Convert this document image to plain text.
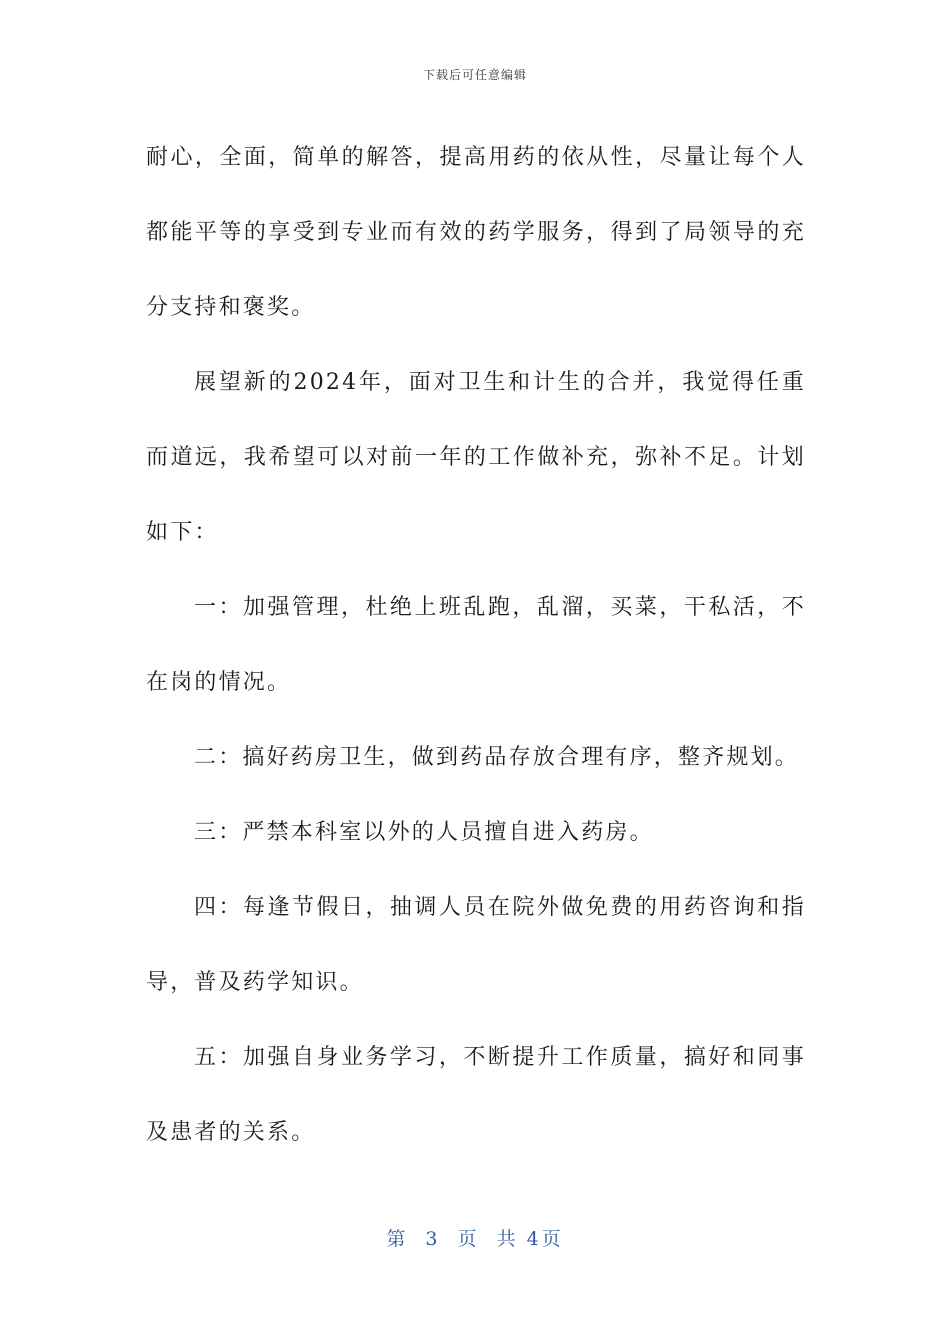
下载后可任意编辑

耐心，全面，简单的解答，提高用药的依从性，尽量让每个人都能平等的享受到专业而有效的药学服务，得到了局领导的充分支持和褒奖。

展望新的2024年，面对卫生和计生的合并，我觉得任重而道远，我希望可以对前一年的工作做补充，弥补不足。计划如下：

一：加强管理，杜绝上班乱跑，乱溜，买菜，干私活，不在岗的情况。

二：搞好药房卫生，做到药品存放合理有序，整齐规划。

三：严禁本科室以外的人员擅自进入药房。

四：每逢节假日，抽调人员在院外做免费的用药咨询和指导，普及药学知识。

五：加强自身业务学习，不断提升工作质量，搞好和同事及患者的关系。

第 3 页 共 4页
